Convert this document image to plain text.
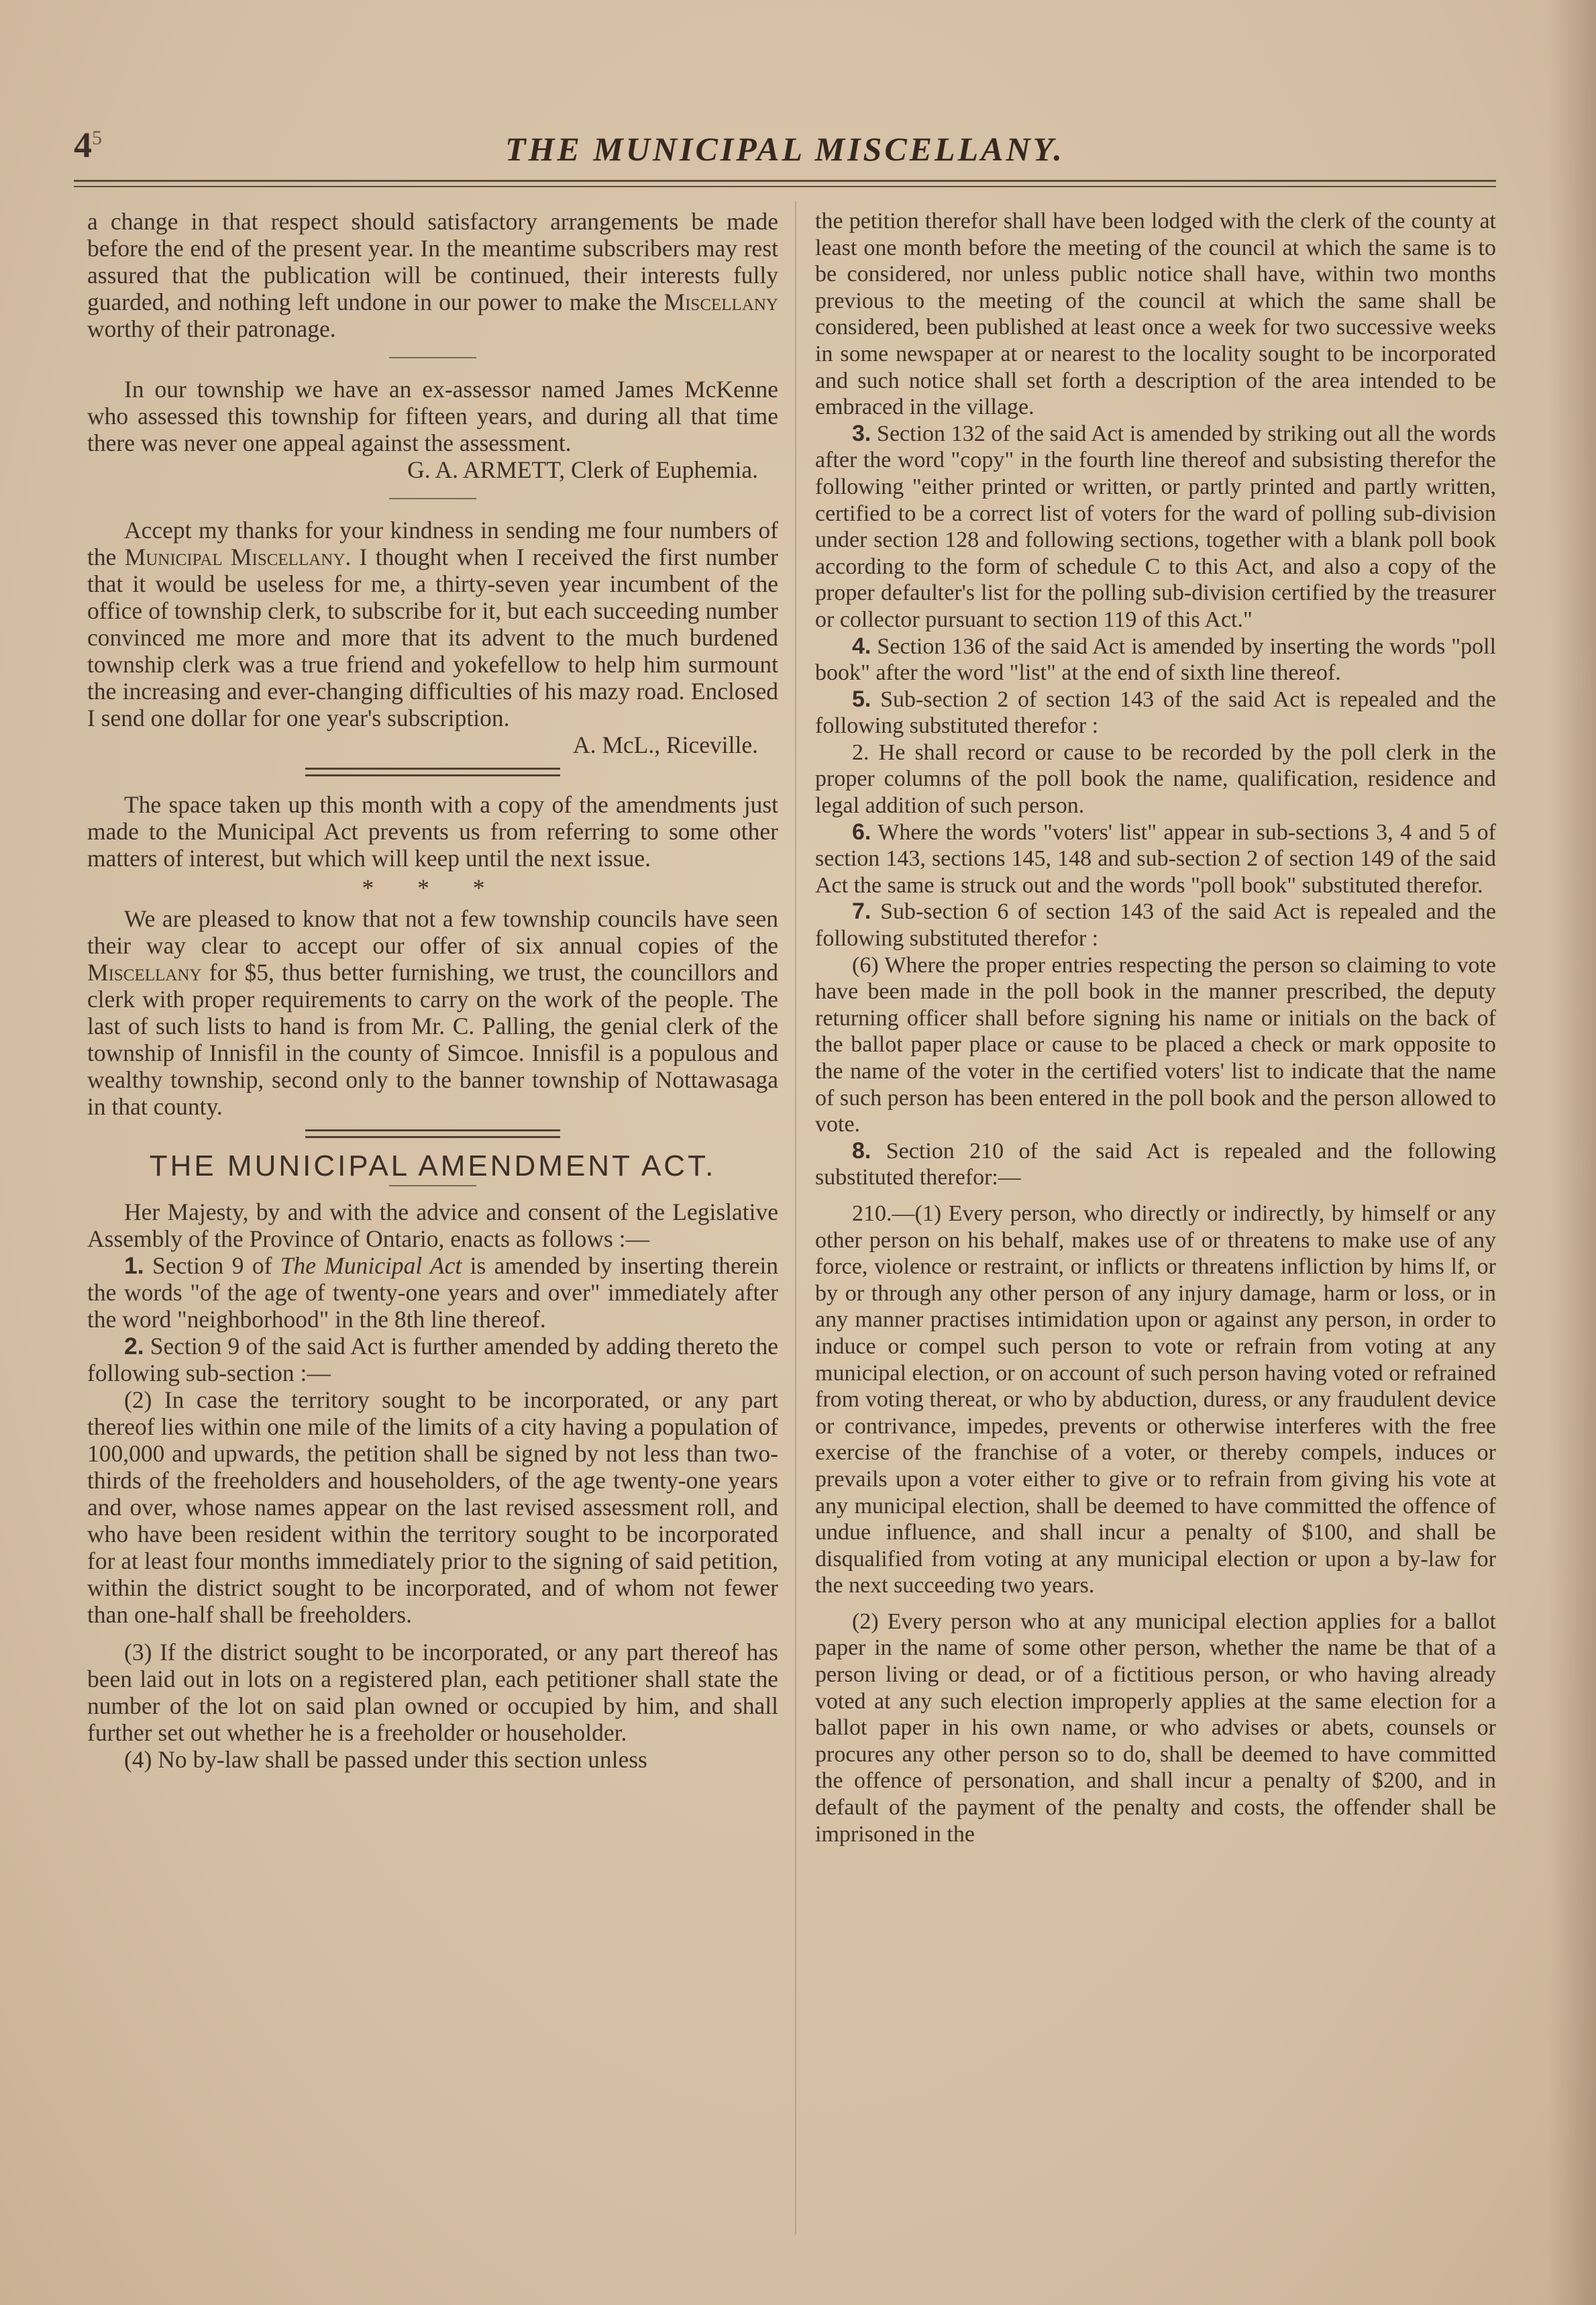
$4^5$	THE MUNICIPAL MISCELLANY.

a change in that respect should satisfactory arrangements be made before the end of the present year. In the meantime subscribers may rest assured that the publication will be continued, their interests fully guarded, and nothing left undone in our power to make the Miscellany worthy of their patronage.

In our township we have an ex-assessor named James McKenne who assessed this township for fifteen years, and during all that time there was never one appeal against the assessment.
G. A. ARMETT, Clerk of Euphemia.

Accept my thanks for your kindness in sending me four numbers of the Municipal Miscellany. I thought when I received the first number that it would be useless for me, a thirty-seven year incumbent of the office of township clerk, to subscribe for it, but each succeeding number convinced me more and more that its advent to the much burdened township clerk was a true friend and yokefellow to help him surmount the increasing and ever-changing difficulties of his mazy road. Enclosed I send one dollar for one year's subscription.
A. McL., Riceville.

The space taken up this month with a copy of the amendments just made to the Municipal Act prevents us from referring to some other matters of interest, but which will keep until the next issue.

* * *

We are pleased to know that not a few township councils have seen their way clear to accept our offer of six annual copies of the Miscellany for $5, thus better furnishing, we trust, the councillors and clerk with proper requirements to carry on the work of the people. The last of such lists to hand is from Mr. C. Palling, the genial clerk of the township of Innisfil in the county of Simcoe. Innisfil is a populous and wealthy township, second only to the banner township of Nottawasaga in that county.

THE MUNICIPAL AMENDMENT ACT.

Her Majesty, by and with the advice and consent of the Legislative Assembly of the Province of Ontario, enacts as follows :—

1. Section 9 of The Municipal Act is amended by inserting therein the words "of the age of twenty-one years and over" immediately after the word "neighborhood" in the 8th line thereof.

2. Section 9 of the said Act is further amended by adding thereto the following sub-section :—

(2) In case the territory sought to be incorporated, or any part thereof lies within one mile of the limits of a city having a population of 100,000 and upwards, the petition shall be signed by not less than two-thirds of the freeholders and householders, of the age twenty-one years and over, whose names appear on the last revised assessment roll, and who have been resident within the territory sought to be incorporated for at least four months immediately prior to the signing of said petition, within the district sought to be incorporated, and of whom not fewer than one-half shall be freeholders.

(3) If the district sought to be incorporated, or any part thereof has been laid out in lots on a registered plan, each petitioner shall state the number of the lot on said plan owned or occupied by him, and shall further set out whether he is a freeholder or householder.

(4) No by-law shall be passed under this section unless

the petition therefor shall have been lodged with the clerk of the county at least one month before the meeting of the council at which the same is to be considered, nor unless public notice shall have, within two months previous to the meeting of the council at which the same shall be considered, been published at least once a week for two successive weeks in some newspaper at or nearest to the locality sought to be incorporated and such notice shall set forth a description of the area intended to be embraced in the village.

3. Section 132 of the said Act is amended by striking out all the words after the word "copy" in the fourth line thereof and subsisting therefor the following "either printed or written, or partly printed and partly written, certified to be a correct list of voters for the ward of polling sub-division under section 128 and following sections, together with a blank poll book according to the form of schedule C to this Act, and also a copy of the proper defaulter's list for the polling sub-division certified by the treasurer or collector pursuant to section 119 of this Act."

4. Section 136 of the said Act is amended by inserting the words "poll book" after the word "list" at the end of sixth line thereof.

5. Sub-section 2 of section 143 of the said Act is repealed and the following substituted therefor :

2. He shall record or cause to be recorded by the poll clerk in the proper columns of the poll book the name, qualification, residence and legal addition of such person.

6. Where the words "voters' list" appear in sub-sections 3, 4 and 5 of section 143, sections 145, 148 and sub-section 2 of section 149 of the said Act the same is struck out and the words "poll book" substituted therefor.

7. Sub-section 6 of section 143 of the said Act is repealed and the following substituted therefor :

(6) Where the proper entries respecting the person so claiming to vote have been made in the poll book in the manner prescribed, the deputy returning officer shall before signing his name or initials on the back of the ballot paper place or cause to be placed a check or mark opposite to the name of the voter in the certified voters' list to indicate that the name of such person has been entered in the poll book and the person allowed to vote.

8. Section 210 of the said Act is repealed and the following substituted therefor:—

210.—(1) Every person, who directly or indirectly, by himself or any other person on his behalf, makes use of or threatens to make use of any force, violence or restraint, or inflicts or threatens infliction by hims lf, or by or through any other person of any injury damage, harm or loss, or in any manner practises intimidation upon or against any person, in order to induce or compel such person to vote or refrain from voting at any municipal election, or on account of such person having voted or refrained from voting thereat, or who by abduction, duress, or any fraudulent device or contrivance, impedes, prevents or otherwise interferes with the free exercise of the franchise of a voter, or thereby compels, induces or prevails upon a voter either to give or to refrain from giving his vote at any municipal election, shall be deemed to have committed the offence of undue influence, and shall incur a penalty of $100, and shall be disqualified from voting at any municipal election or upon a by-law for the next succeeding two years.

(2) Every person who at any municipal election applies for a ballot paper in the name of some other person, whether the name be that of a person living or dead, or of a fictitious person, or who having already voted at any such election improperly applies at the same election for a ballot paper in his own name, or who advises or abets, counsels or procures any other person so to do, shall be deemed to have committed the offence of personation, and shall incur a penalty of $200, and in default of the payment of the penalty and costs, the offender shall be imprisoned in the
